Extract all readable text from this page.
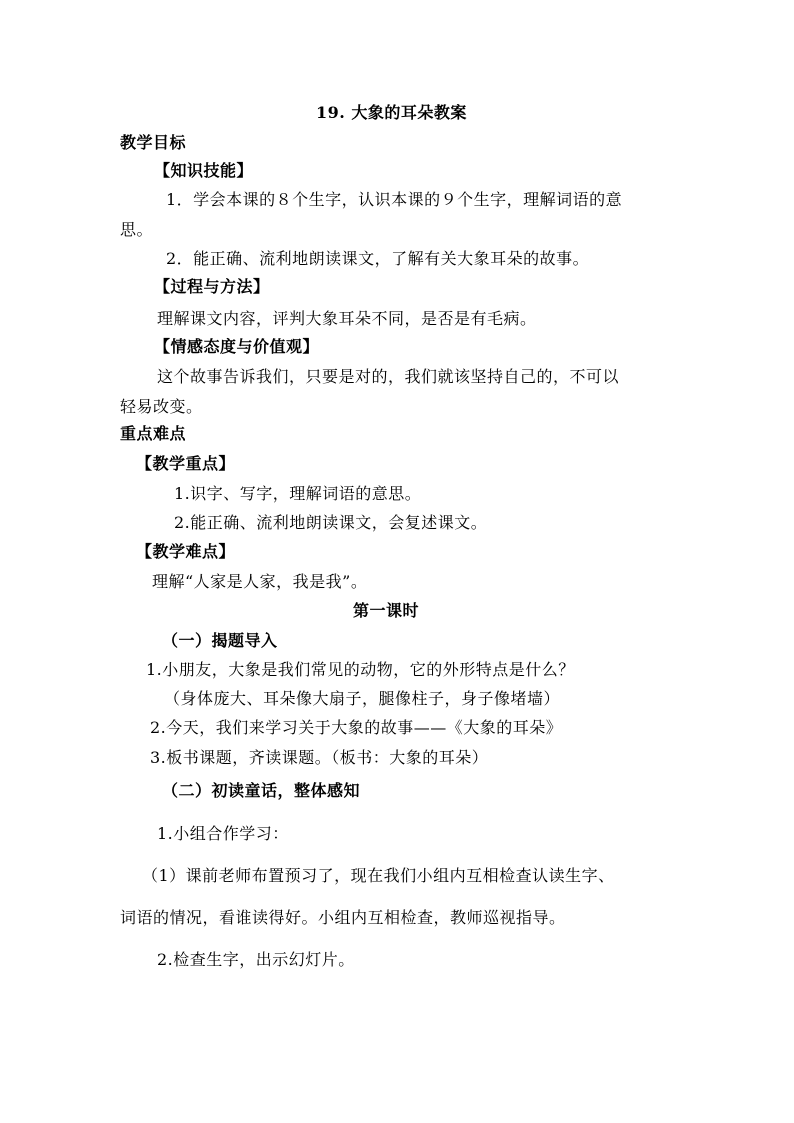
19. 大象的耳朵教案
教学目标
【知识技能】
1．学会本课的８个生字，认识本课的９个生字，理解词语的意
思。
2．能正确、流利地朗读课文，了解有关大象耳朵的故事。
【过程与方法】
理解课文内容，评判大象耳朵不同，是否是有毛病。
【情感态度与价值观】
这个故事告诉我们，只要是对的，我们就该坚持自己的，不可以
轻易改变。
重点难点
【教学重点】
1.识字、写字，理解词语的意思。
2.能正确、流利地朗读课文，会复述课文。
【教学难点】
理解“人家是人家，我是我”。
第一课时
（一）揭题导入
1.小朋友，大象是我们常见的动物，它的外形特点是什么？
（身体庞大、耳朵像大扇子，腿像柱子，身子像堵墙）
2.今天，我们来学习关于大象的故事——《大象的耳朵》
3.板书课题，齐读课题。（板书：大象的耳朵）
（二）初读童话，整体感知
1.小组合作学习：
（1）课前老师布置预习了，现在我们小组内互相检查认读生字、
词语的情况，看谁读得好。小组内互相检查，教师巡视指导。
2.检查生字，出示幻灯片。
